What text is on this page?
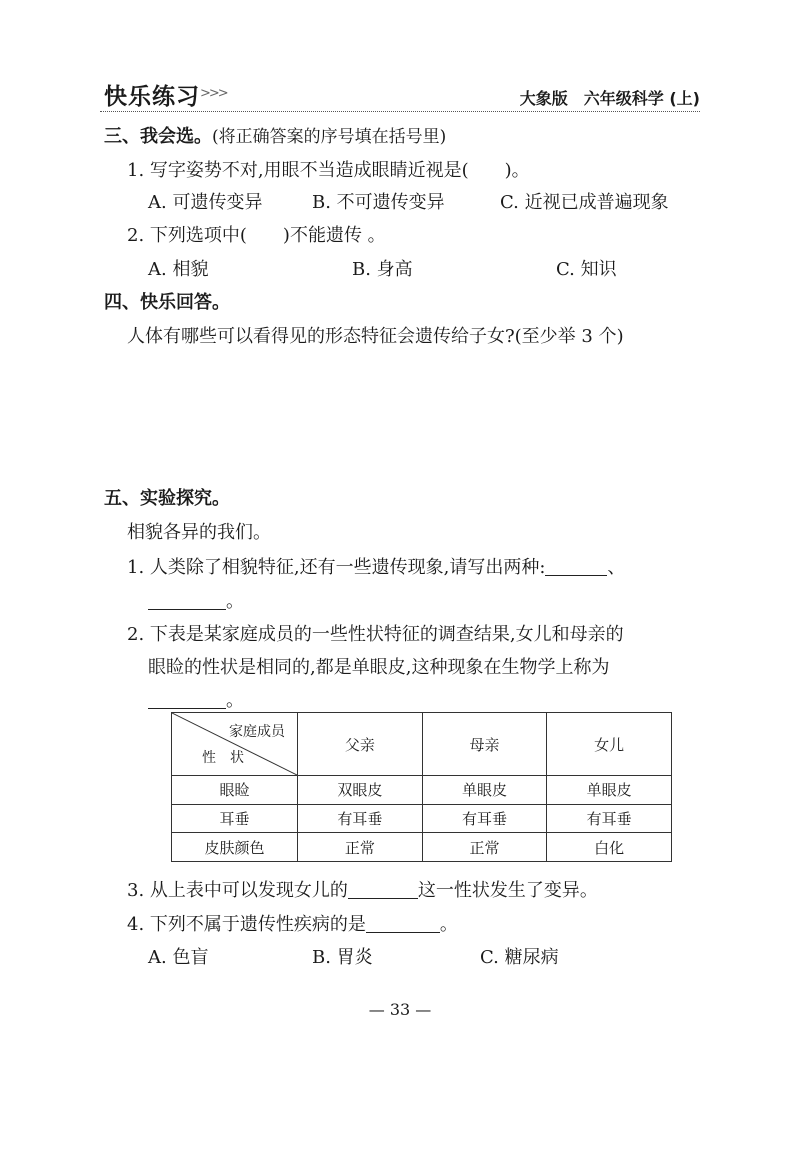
快乐练习 >>>	大象版　六年级科学 (上)
三、我会选。(将正确答案的序号填在括号里)
1. 写字姿势不对,用眼不当造成眼睛近视是(　　)。
A. 可遗传变异	B. 不可遗传变异	C. 近视已成普遍现象
2. 下列选项中(　　)不能遗传 。
A. 相貌	B. 身高	C. 知识
四、快乐回答。
人体有哪些可以看得见的形态特征会遗传给子女?(至少举 3 个)
五、实验探究。
相貌各异的我们。
1. 人类除了相貌特征,还有一些遗传现象,请写出两种:	、
。
2. 下表是某家庭成员的一些性状特征的调查结果,女儿和母亲的
眼睑的性状是相同的,都是单眼皮,这种现象在生物学上称为
。
家庭成员
性　状	父亲	母亲	女儿
眼睑	双眼皮	单眼皮	单眼皮
耳垂	有耳垂	有耳垂	有耳垂
皮肤颜色	正常	正常	白化
3. 从上表中可以发现女儿的	这一性状发生了变异。
4. 下列不属于遗传性疾病的是	。
A. 色盲	B. 胃炎	C. 糖尿病
— 33 —
